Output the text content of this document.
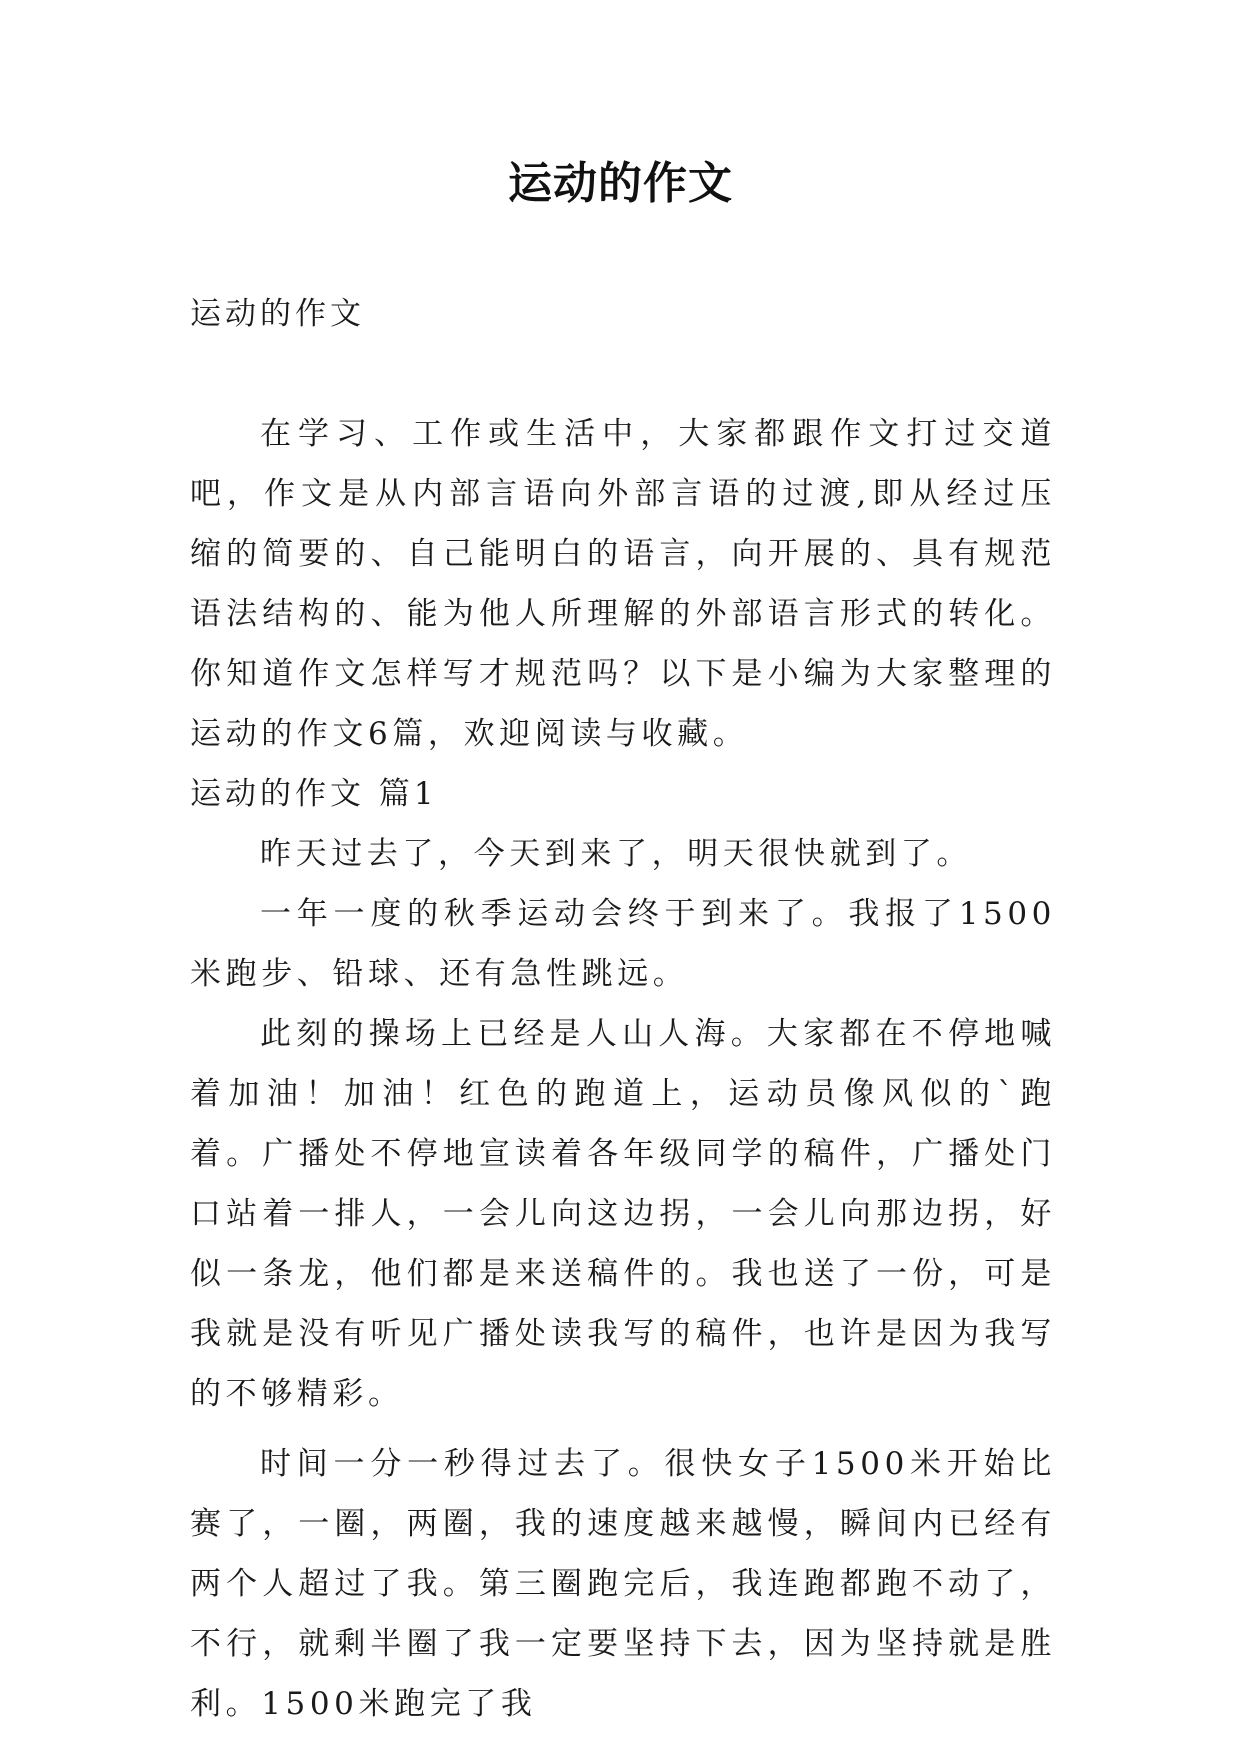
运动的作文
运动的作文

在学习、工作或生活中，大家都跟作文打过交道吧，作文是从内部言语向外部言语的过渡,即从经过压缩的简要的、自己能明白的语言，向开展的、具有规范语法结构的、能为他人所理解的外部语言形式的转化。你知道作文怎样写才规范吗？以下是小编为大家整理的运动的作文6篇，欢迎阅读与收藏。

运动的作文 篇1

昨天过去了，今天到来了，明天很快就到了。

一年一度的秋季运动会终于到来了。我报了1500米跑步、铅球、还有急性跳远。

此刻的操场上已经是人山人海。大家都在不停地喊着加油！加油！红色的跑道上，运动员像风似的`跑着。广播处不停地宣读着各年级同学的稿件，广播处门口站着一排人，一会儿向这边拐，一会儿向那边拐，好似一条龙，他们都是来送稿件的。我也送了一份，可是我就是没有听见广播处读我写的稿件，也许是因为我写的不够精彩。

时间一分一秒得过去了。很快女子1500米开始比赛了，一圈，两圈，我的速度越来越慢，瞬间内已经有两个人超过了我。第三圈跑完后，我连跑都跑不动了，不行，就剩半圈了我一定要坚持下去，因为坚持就是胜利。1500米跑完了我
